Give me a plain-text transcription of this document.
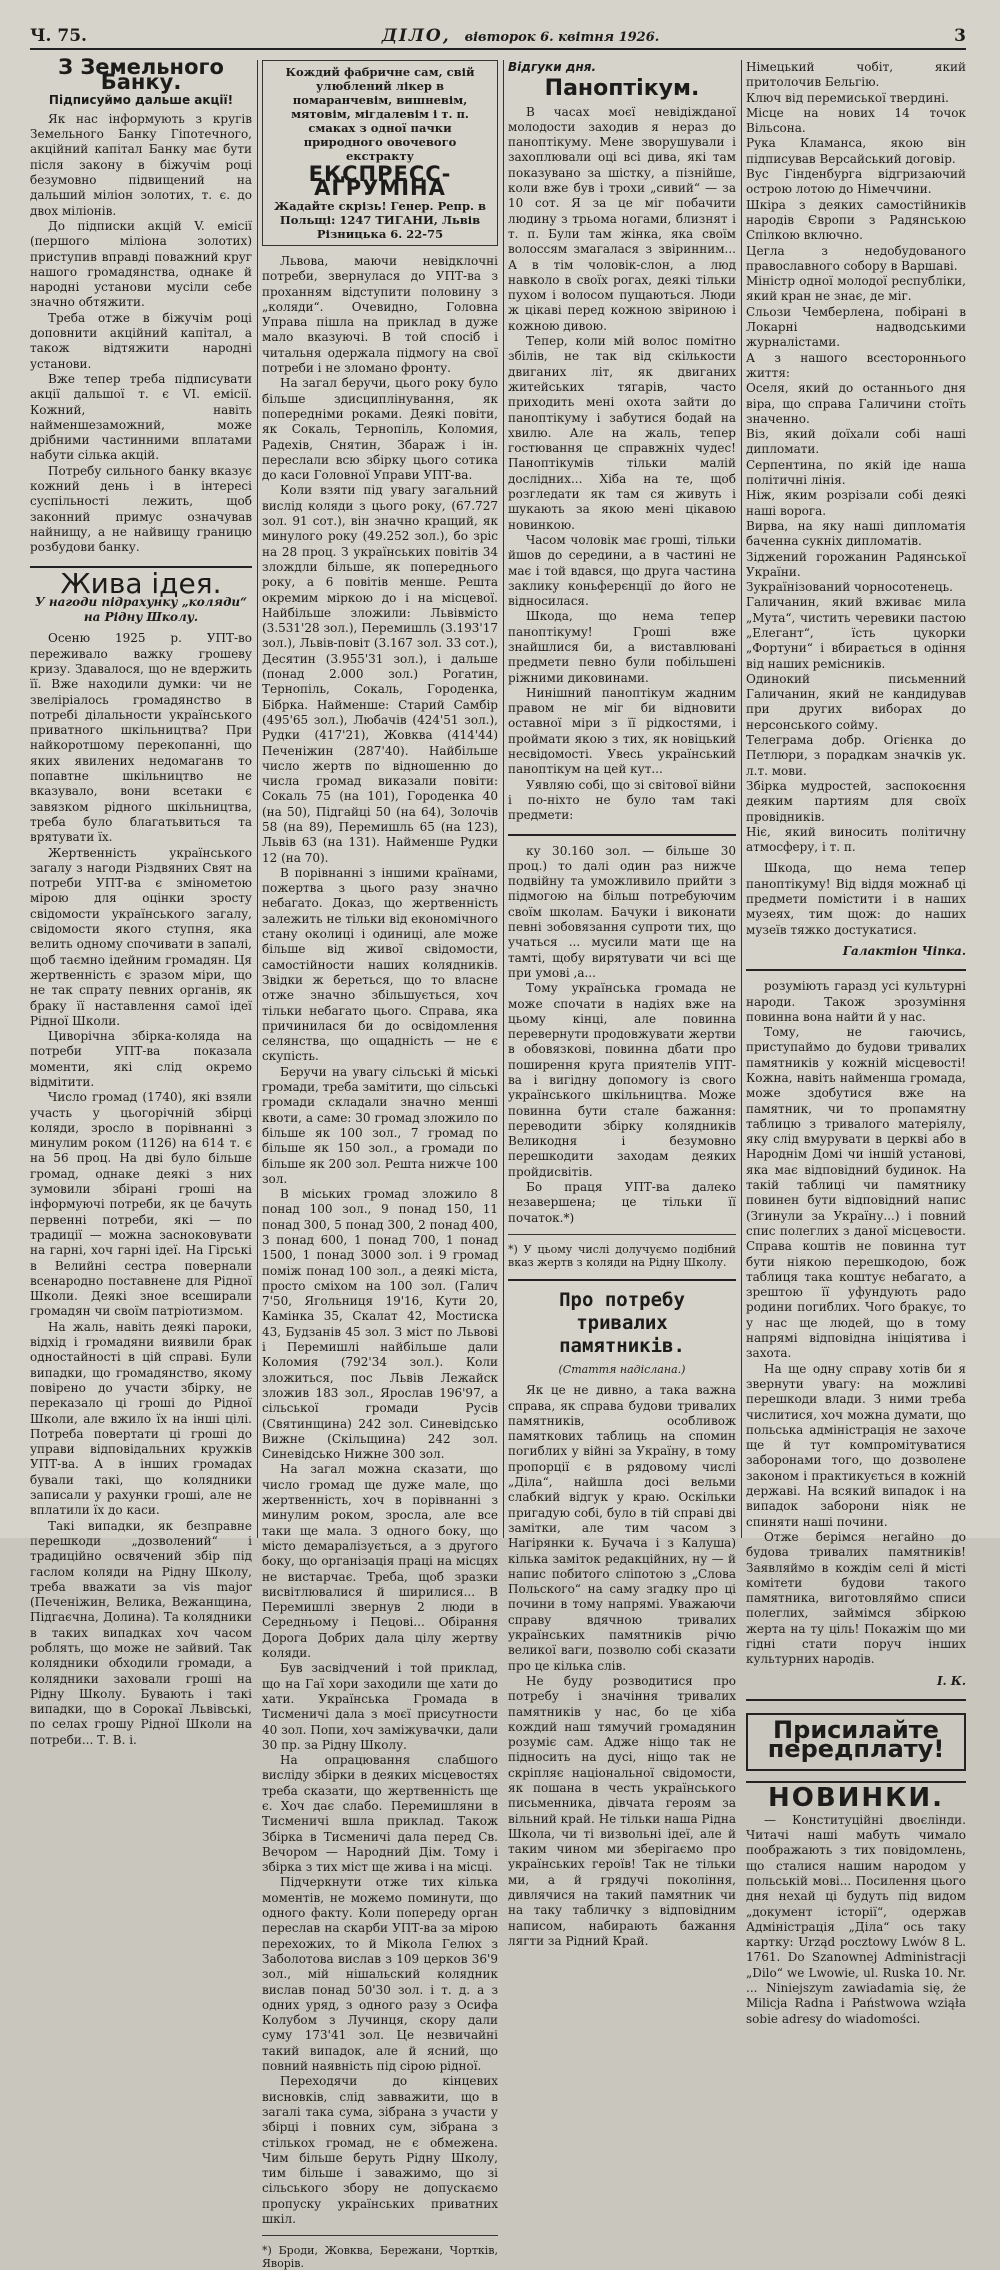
Ч. 75.	ДІЛО, вівторок 6. квітня 1926.	3
З Земельного Банку.
Підписуймо дальше акції!

Як нас інформують з кругів Земельного Банку Гіпотечного, акційний капітал Банку має бути після закону в біжучім році безумовно підвищений на дальший міліон золотих, т. є. до двох міліонів.

До підписки акцій V. емісії (першого міліона золотих) приступив вправді поважний круг нашого громадянства, однаке й народні установи мусіли себе значно обтяжити.

Треба отже в біжучім році доповнити акційний капітал, а також відтяжити народні установи.

Вже тепер треба підписувати акції дальшої т. є VI. емісії. Кожний, навіть найменшезаможний, може дрібними частинними вплатами набути сілька акцій.

Потребу сильного банку вказує кожний день і в інтересі суспільності лежить, щоб законний примус означував найнищу, а не найвищу границю розбудови банку.

Жива ідея.
У нагоди підрахунку „коляди“ на Рідну Школу.

Осеню 1925 р. УПТ-во переживало важку грошеву кризу. Здавалося, що не вдержить її. Вже находили думки: чи не звеліріалось громадянство в потребі ділальности українського приватного шкільництва? При найкоротшому перекопанні, що яких явилених недомаганв то попавтне шкільництво не вказувало, вони всетаки є завязком рідного шкільництва, треба було благатьвиться та врятувати їх.

Жертвенність українського загалу з нагоди Різдвяних Свят на потреби УПТ-ва є змінометою мірою для оцінки зросту свідомости українського загалу, свідомости якого ступня, яка велить одному спочивати в запалі, щоб таємно ідейним громадян. Ця жертвенність є зразом міри, що не так спрату певних органів, як браку її наставлення самої ідеї Рідної Школи.

Циворічна збірка-коляда на потреби УПТ-ва показала моменти, які слід окремо відмітити.

Число громад (1740), які взяли участь у цьогорічній збірці коляди, зросло в порівнанні з минулим роком (1126) на 614 т. є на 56 проц. На дві було більше громад, однаке деякі з них зумовили збірані гроші на інформуючі потреби, як це бачуть первенні потреби, які — по традиції — можна засноковувати на гарні, хоч гарні ідеї. На Гірські в Велийні сестра повернали всенародно поставнене для Рідної Школи. Деякі зноe всеширали громадян чи своїм патріотизмом.

На жаль, навіть деякі пароки, відхід і громадяни виявили брак одностайності в цій справі. Були випадки, що громадянство, якому повірено до участи збірку, не переказало ці гроші до Рідної Школи, але вжило їх на інші цілі. Потреба повертати ці гроші до управи відповідальних кружків УПТ-ва. А в інших громадах бували такі, що колядники записали у рахунки гроші, але не вплатили їх до каси.

Такі випадки, як безправне перешкоди „дозволений“ і традиційно освячений збір під гаслом коляди на Рідну Школу, треба вважати за vis major (Печеніжин, Велика, Вежанщина, Підгаєчна, Долина). Та колядники в таких випадках хоч часом роблять, що може не зайвий. Так колядники обходили громади, а колядники заховали гроші на Рідну Школу. Бувають і такі випадки, що в Сорокаї Львівські, по селах грошу Рідної Школи на потреби... Т. В. і.

Кождий фабричне сам, свій улюблений лікер в помаранчевім, вишневім, мятовім, мігдалевім і т. п. смаках з одної пачки природного овочевого екстракту
ЕКСПРЕСС-АҐРУМІНА
Жадайте скрізь! Генер. Репр. в Польщі: 1247 ТИГАНИ, Львів Різницька 6. 22-75

Львова, маючи невідклочні потреби, звернулася до УПТ-ва з проханням відступити половину з „коляди“. Очевидно, Головна Управа пішла на приклад в дуже мало вказуючі. В той спосіб і читальня одержала підмогу на свої потреби і не зломано фронту.

На загал беручи, цього року було більше здисциплінування, як попередніми роками. Деякі повіти, як Сокаль, Тернопіль, Коломия, Радехів, Снятин, Збараж і ін. переслали всю збірку цього сотика до каси Головної Управи УПТ-ва.

Коли взяти під увагу загальний вислід коляди з цього року, (67.727 зол. 91 сот.), він значно кращий, як минулого року (49.252 зол.), бо зріс на 28 проц. З українських повітів 34 злождли більше, як попереднього року, а 6 повітів менше. Решта окремим міркою до і на місцевої. Найбільше зложили: Львівмісто (3.531'28 зол.), Перемишль (3.193'17 зол.), Львів-повіт (3.167 зол. 33 сот.), Десятин (3.955'31 зол.), і дальше (понад 2.000 зол.) Рогатин, Тернопіль, Сокаль, Городенка, Бібрка. Найменше: Старий Самбір (495'65 зол.), Любачів (424'51 зол.), Рудки (417'21), Жовква (414'44) Печеніжин (287'40). Найбільше число жертв по відношенню до числа громад виказали повіти: Сокаль 75 (на 101), Городенка 40 (на 50), Підгайці 50 (на 64), Золочів 58 (на 89), Перемишль 65 (на 123), Львів 63 (на 131). Найменше Рудки 12 (на 70).

В порівнанні з іншими країнами, пожертва з цього разу значно небагато. Доказ, що жертвенність залежить не тільки від економічного стану околиці і одиниці, але може більше від живої свідомости, самостійности наших колядників. Звідки ж береться, що то власне отже значно збільшується, хоч тільки небагато цього. Справа, яка причинилася би до освідомлення селянства, що ощадність — не є скупість.

Беручи на увагу сільські й міські громади, треба замітити, що сільські громади складали значно менші квоти, а саме: 30 громад зложило по більше як 100 зол., 7 громад по більше як 150 зол., а громади по більше як 200 зол. Решта нижче 100 зол.

В міських громад зложило 8 понад 100 зол., 9 понад 150, 11 понад 300, 5 понад 300, 2 понад 400, 3 понад 600, 1 понад 700, 1 понад 1500, 1 понад 3000 зол. і 9 громад поміж понад 100 зол., а деякі міста, просто сміхом на 100 зол. (Галич 7'50, Ягольниця 19'16, Кути 20, Камінка 35, Скалат 42, Мостиска 43, Будзанів 45 зол. З міст по Львові і Перемишлі найбільше дали Коломия (792'34 зол.). Коли зложиться, пос Львів Лежайск зложив 183 зол., Ярослав 196'97, а сільської громади Русів (Святинщина) 242 зол. Синевідсько Вижне (Скільщина) 242 зол. Синевідсько Нижне 300 зол.

На загал можна сказати, що число громад ще дуже мале, що жертвенність, хоч в порівнанні з минулим роком, зросла, але все таки ще мала. З одного боку, що місто демаралізується, а з другого боку, що організація праці на місцях не вистарчає. Треба, щоб зразки висвітлювалися й ширилися... В Перемишлі звернув 2 люди в Середньому і Пецові... Обірання Дорога Добрих дала цілу жертву коляди.

Був засвідчений і той приклад, що на Гаї хори заходили ще хати до хати. Українська Громада в Тисменичі дала з моєї присутности 40 зол. Попи, хоч заміжувачки, дали 30 пр. за Рідну Школу.

На опрацювання слабшого висліду збірки в деяких місцевостях треба сказати, що жертвенність ще є. Хоч дає слабо. Перемишляни в Тисменичі вшла приклад. Також Збірка в Тисменичі дала перед Св. Вечором — Народний Дім. Тому і збірка з тих міст ще жива і на місці.

Підчеркнути отже тих кілька моментів, не можемо поминути, що одного факту. Коли попереду орган переслав на скарби УПТ-ва за мірою перехожих, то й Мікола Гелюх з Заболотова вислав з 109 церков 36'9 зол., мій нішальский колядник вислав понад 50'30 зол. і т. д. а з одних уряд, з одного разу з Осифа Колубом з Лучинця, скору дали суму 173'41 зол. Це незвичайні такий випадок, але й ясний, що повний наявність під сірою рідної.

Переходячи до кінцевих висновків, слід завважити, що в загалі така сума, зібрана з участи у збірці і повних сум, зібрана з стількох громад, не є обмежена. Чим більше беруть Рідну Школу, тим більше і заважимо, що зі сільського збору не допускаємо пропуску українських приватних шкіл.

*) Броди, Жовква, Бережани, Чортків, Яворів.
Відгуки дня.
Паноптікум.

В часах моєї невідіжданої молодости заходив я нераз до паноптікуму. Мене зворушували і захоплювали оці всі дива, які там показувано за шістку, а пізнійше, коли вже був і трохи „сивий“ — за 10 сот. Я за це міг побачити людину з трьома ногами, близнят і т. п. Були там жінка, яка своїм волоссям змагалася з звіринним... А в тім чоловік-слон, а люд навколо в своїх рогах, деякі тільки пухом і волосом пущаються. Люди ж цікаві перед кожною звіриною і кожною дивою.

Тепер, коли мій волос помітно збілів, не так від скількости двиганих літ, як двиганих житейських тягарів, часто приходить мені охота зайти до паноптікуму і забутися бодай на хвилю. Але на жаль, тепер гостювання це справжніх чудес! Паноптікумів тільки малій дослідних... Хіба на те, щоб розгледати як там ся живуть і шукають за якою мені цікавою новинкою.

Часом чоловік має гроші, тільки йшов до середини, а в частині не має і той вдався, що друга частина заклику коньферєнції до його не відносилася.

Шкода, що нема тепер паноптікуму! Гроші вже знайшлися би, а виставлювані предмети певно були побільшені ріжними диковинами.

Нинішний паноптікум жадним правом не міг би відновити оставної міри з її рідкостями, і проймати якою з тих, як новіцький несвідомості. Увесь український паноптікум на цей кут...

Уявляю собі, що зі світової війни і по-ніхто не було там такі предмети:

ку 30.160 зол. — більше 30 проц.) то далі один раз нижче подвійну та уможливило прийти з підмогою на більш потребуючим своїм школам. Бачуки і виконати певні зобовязання супроти тих, що учаться ... мусили мати ще на тамті, щобу вирятувати чи всі ще при умові ,а...

Тому українська громада не може спочати в надіях вже на цьому кінці, але повинна перевернути продовжувати жертви в обовязкові, повинна дбати про поширення круга приятелів УПТ-ва і вигідну допомогу із свого українського шкільництва. Може повинна бути стале бажання: переводити збірку колядників Великодня і безумовно перешкодити заходам деяких пройдисвітів.

Бо праця УПТ-ва далеко незавершена; це тільки її початок.*)

*) У цьому числі долучуємо подібний вказ жертв з коляди на Рідну Школу.
Про потребу тривалих памятників.
(Стаття надіслана.)

Як це не дивно, а така важна справа, як справа будови тривалих памятників, особливож памяткових таблиць на спомин погиблих у війні за Україну, в тому пропорції є в рядовому числі „Діла“, найшла досі вельми слабкий відгук у краю. Оскільки пригадую собі, було в тій справі дві замітки, але тим часом з Нагірянки к. Бучача і з Калуша) кілька заміток редакційних, ну — й напис побитого сліпотою з „Слова Польского“ на саму згадку про ці почини в тому напрямі. Уважаючи справу вдячною тривалих українських памятників річю великої ваги, позволю собі сказати про це кілька слів.

Не буду розводитися про потребу і значіння тривалих памятників у нас, бо це хіба кождий наш тямучий громадянин розуміє сам. Адже ніщо так не підносить на дусі, ніщо так не скріпляє національної свідомости, як пошана в честь українського письменника, дівчата героям за вільний край. Не тільки наша Рідна Школа, чи ті визвольні ідеї, але й таким чином ми зберігаємо про українських героїв! Так не тільки ми, а й грядучі покоління, дивлячися на такий памятник чи на таку табличку з відповідним написом, набирають бажання лягти за Рідний Край.

Німецький чобіт, який притолочив Бельгію.

Ключ від перемиської твердині.

Місце на нових 14 точок Вільсона.

Рука Кламанса, якою він підписував Версайський договір.

Вус Гінденбурга відгризаючий острою лотою до Німеччини.

Шкіра з деяких самостійників народів Європи з Радянською Спілкою включно.

Цегла з недобудованого православного собору в Варшаві.

Міністр одної молодої республіки, який кран не знає, де міг.

Сльози Чемберлена, побірані в Локарні надводськими журналістами.

А з нашого всестороннього життя:

Оселя, який до останнього дня віра, що справа Галичини стоїть значенно.

Віз, який доїхали собі наші дипломати.

Серпентина, по якій іде наша політичні лінія.

Ніж, яким розрізали собі деякі наші ворога.

Вирва, на яку наші дипломатія баченна сукніх дипломатів.

Зіджений горожанин Радянської України.

Зукраїнізований чорносотенець.

Галичанин, який вживає мила „Мута“, чистить черевики пастою „Елегант“, їсть цукорки „Фортуни“ і вбирається в одіння від наших ремісників.

Одинокий письменний Галичанин, який не кандидував при других виборах до нерсонського сойму.

Телеграма добр. Огієнка до Петлюри, з порадкам значків ук. л.т. мови.

Збірка мудростей, заспокоєння деяким партиям для своїх провідників.

Ніє, який виносить політичну атмосферу, і т. п.

Шкода, що нема тепер паноптікуму! Від віддя можнаб ці предмети помістити і в наших музеях, тим щож: до наших музеїв тяжко достукатися.

Галактіон Чіпка.

розуміють гаразд усі культурні народи. Також зрозуміння повинна вона найти й у нас.

Тому, не гаючись, приступаймо до будови тривалих памятників у кожній місцевості! Кожна, навіть найменша громада, може здобутися вже на памятник, чи то пропамятну таблицю з тривалого матеріялу, яку слід вмурувати в церкві або в Народнім Домі чи іншій установі, яка має відповідний будинок. На такій таблиці чи памятнику повинен бути відповідний напис (Згинули за Україну...) і повний спис полеглих з даної місцевости. Справа коштів не повинна тут бути ніякою перешкодою, бож таблиця така коштує небагато, а зрештою її уфундують радо родини погиблих. Чого бракує, то у нас ще людей, що в тому напрямі відповідна ініціятива і захота.

На ще одну справу хотів би я звернути увагу: на можливі перешкоди влади. З ними треба числитися, хоч можна думати, що польська адміністрація не захоче ще й тут компромітуватися заборонами того, що дозволене законом і практикується в кожній державі. На всякий випадок і на випадок заборони ніяк не спиняти наші почини.

Отже берімся негайно до будова тривалих памятників! Заявляймо в кождім селі й місті комітети будови такого памятника, виготовляймо списи полеглих, займімся збіркою жерта на ту ціль! Покажім що ми гідні стати поруч інших культурних народів.

І. К.
Присилайте передплату!
НОВИНКИ.

— Конституційні двоєлінди. Читачі наші мабуть чимало поображають з тих повідомлень, що сталися нашим народом у польській мові... Посилення цього дня нехай ці будуть під видом „документ історії“, одержав Адміністрація „Діла“ ось таку картку: Urząd pocztowy Lwów 8 L. 1761. Do Szanownej Administracji „Dilo“ we Lwowie, ul. Ruska 10. Nr. ... Niniejszym zawiadamia się, że Milicja Radna i Państwowa wziąła sobie adresy do wiadomości.
